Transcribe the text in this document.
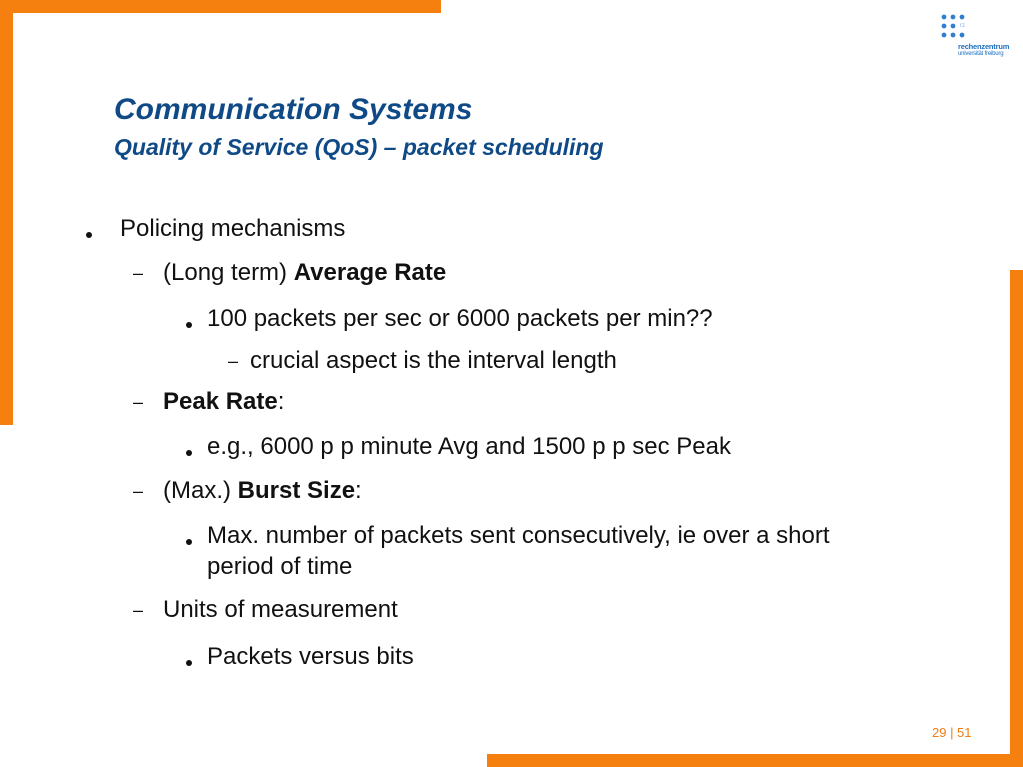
rz
rechenzentrum
universität freiburg
Communication Systems
Quality of Service (QoS) – packet scheduling
Policing mechanisms
– (Long term) Average Rate
100 packets per sec or 6000 packets per min??
– crucial aspect is the interval length
– Peak Rate:
e.g., 6000 p p minute Avg and 1500 p p sec Peak
– (Max.) Burst Size:
Max. number of packets sent consecutively, ie over a short
period of time
– Units of measurement
Packets versus bits
29 | 51
